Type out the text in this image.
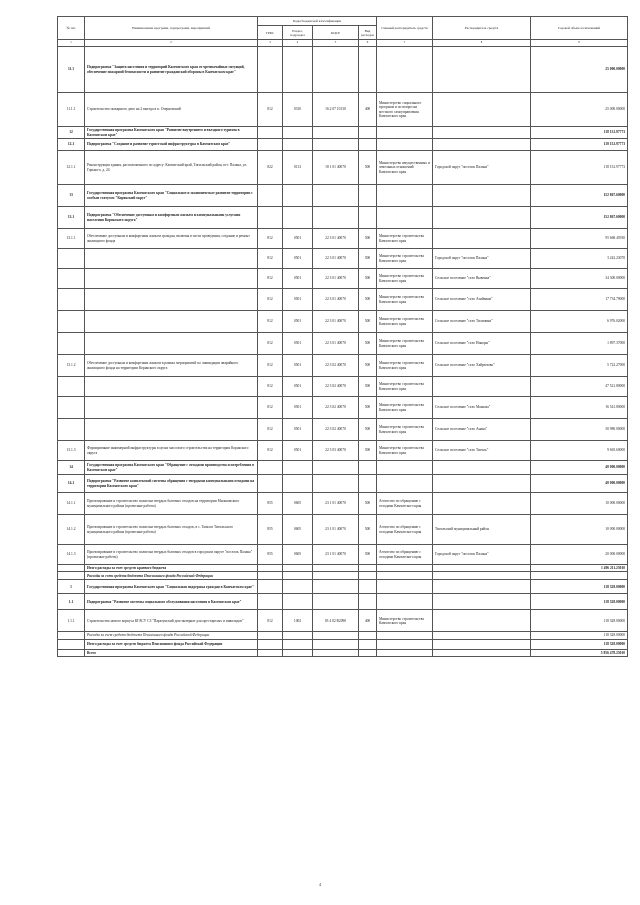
№ п/п	Наименование программ, подпрограмм, мероприятий	Коды бюджетной классификации				Главный распорядитель средств	Распорядитель средств	Годовой объем ассигнований
		ГРБС	Раздел, подраздел	КЦСР	Вид расходов			
1	2	3	4	5	6	7	8	9
11.1	Подпрограмма "Защита населения и территорий Камчатского края от чрезвычайных ситуаций, обеспечение пожарной безопасности и развитие гражданской обороны в Камчатском крае"							25 000.00000
11.1.1	Строительство пожарного депо на 2 выезда в п. Озерновский	812	0310	16 2 07 10130	400	Министерство социального программ и по вопросам местного самоуправления Камчатского края		25 000.00000
12	Государственная программа Камчатского края "Развитие внутреннего и въездного туризма в Камчатском крае"							118 152.97773
12.1	Подпрограмма "Создание и развитие туристской инфраструктуры в Камчатском крае"							118 152.97773
12.1.1	Реконструкция здания, расположенного по адресу: Камчатский край, Тигильский район, пгт. Палана, ул. Горького, д. 24	822	0113	18 1 01 40070	500	Министерство имущественных и земельных отношений Камчатского края	Городской округ "поселок Палана"	118 152.97773
13	Государственная программа Камчатского края "Социальное и экономическое развитие территории с особым статусом "Корякский округ"							152 867.60000
13.1	Подпрограмма "Обеспечение доступным и комфортным жильем и коммунальными услугами населения Корякского округа"							152 867.60000
13.1.1	Обеспечение доступным и комфортным жильем граждан, включая в части проведения, создание и ремонт жилищного фонда	812	0501	22 3 01 40070	500	Министерство строительства Камчатского края		95 668.45930
		812	0501	22 3 01 40070	500	Министерство строительства Камчатского края	Городской округ "поселок Палана"	3 242.23070
		812	0501	22 3 01 40070	500	Министерство строительства Камчатского края	Сельское поселение "село Вывенка"	34 300.00000
		812	0501	22 3 01 40070	500	Министерство строительства Камчатского края	Сельское поселение "село Ачайваям"	17 734.79000
		812	0501	22 3 01 40070	500	Министерство строительства Камчатского края	Сельское поселение "село Тиличики"	6 976.02000
		812	0501	22 3 01 40070	500	Министерство строительства Камчатского края	Сельское поселение "село Никоры"	1 897.37000
13.1.2	Обеспечение доступным и комфортным жильем в рамках мероприятий по ликвидации аварийного жилищного фонда на территории Корякского округа	812	0501	22 3 02 40070	500	Министерство строительства Камчатского края	Сельское поселение "село Хайрюзово"	5 722.27000
		812	0501	22 3 02 40070	500	Министерство строительства Камчатского края		47 521.80000
		812	0501	22 3 02 40070	500	Министерство строительства Камчатского края	Сельское поселение "село Манилы"	16 541.80000
		812	0501	22 3 02 40070	500	Министерство строительства Камчатского края	Сельское поселение "село Анана"	30 980.00000
13.1.3	Формирование инженерной инфраструктуры в целях массового строительства на территории Корякского округа	812	0501	22 3 03 40070	500	Министерство строительства Камчатского края	Сельское поселение "село Тигиль"	9 665.60000
14	Государственная программа Камчатского края "Обращение с отходами производства и потребления в Камчатском крае"							40 000.00000
14.1	Подпрограмма "Развитие комплексной системы обращения с твердыми коммунальными отходами на территории Камчатского края"							40 000.00000
14.1.1	Проектирование и строительство полигона твердых бытовых отходов на территории Мильковского муниципального района (проектные работы)	855	0605	23 1 01 40070	500	Агентство по обращению с отходами Камчатского края		10 000.00000
14.1.2	Проектирование и строительство полигона твердых бытовых отходов, в с. Тымлат Тигильского муниципального района (проектные работы)	855	0605	23 1 01 40070	500	Агентство по обращению с отходами Камчатского края	Тигильский муниципальный район	10 000.00000
14.1.3	Проектирование и строительство полигона твердых бытовых отходов в городском округе "поселок Палана" (проектные работы)	855	0605	23 1 01 40070	500	Агентство по обращению с отходами Камчатского края	Городской округ "поселок Палана"	20 000.00000
	Итого расходы за счет средств краевого бюджета							1 496 211.25010
	Расходы за счет средств бюджета Пенсионного фонда Российской Федерации							
1	Государственная программа Камчатского края "Социальная поддержка граждан в Камчатском крае"							118 328.00000
1.1	Подпрограмма "Развитие системы социального обслуживания населения в Камчатском крае"							118 328.00000
1.1.1	Строительство нового корпуса КГАСУ СЗ "Паратунский дом-интернат для престарелых и инвалидов"	812	1002	03 4 02 R2090	400	Министерство строительства Камчатского края		118 328.00000
	Расходы за счет средств бюджета Пенсионного фонда Российской Федерации							118 328.00000
	Итого расходы за счет средств бюджета Пенсионного фонда Российской Федерации							118 328.00000
	Всего							5 856 478.25010
4
